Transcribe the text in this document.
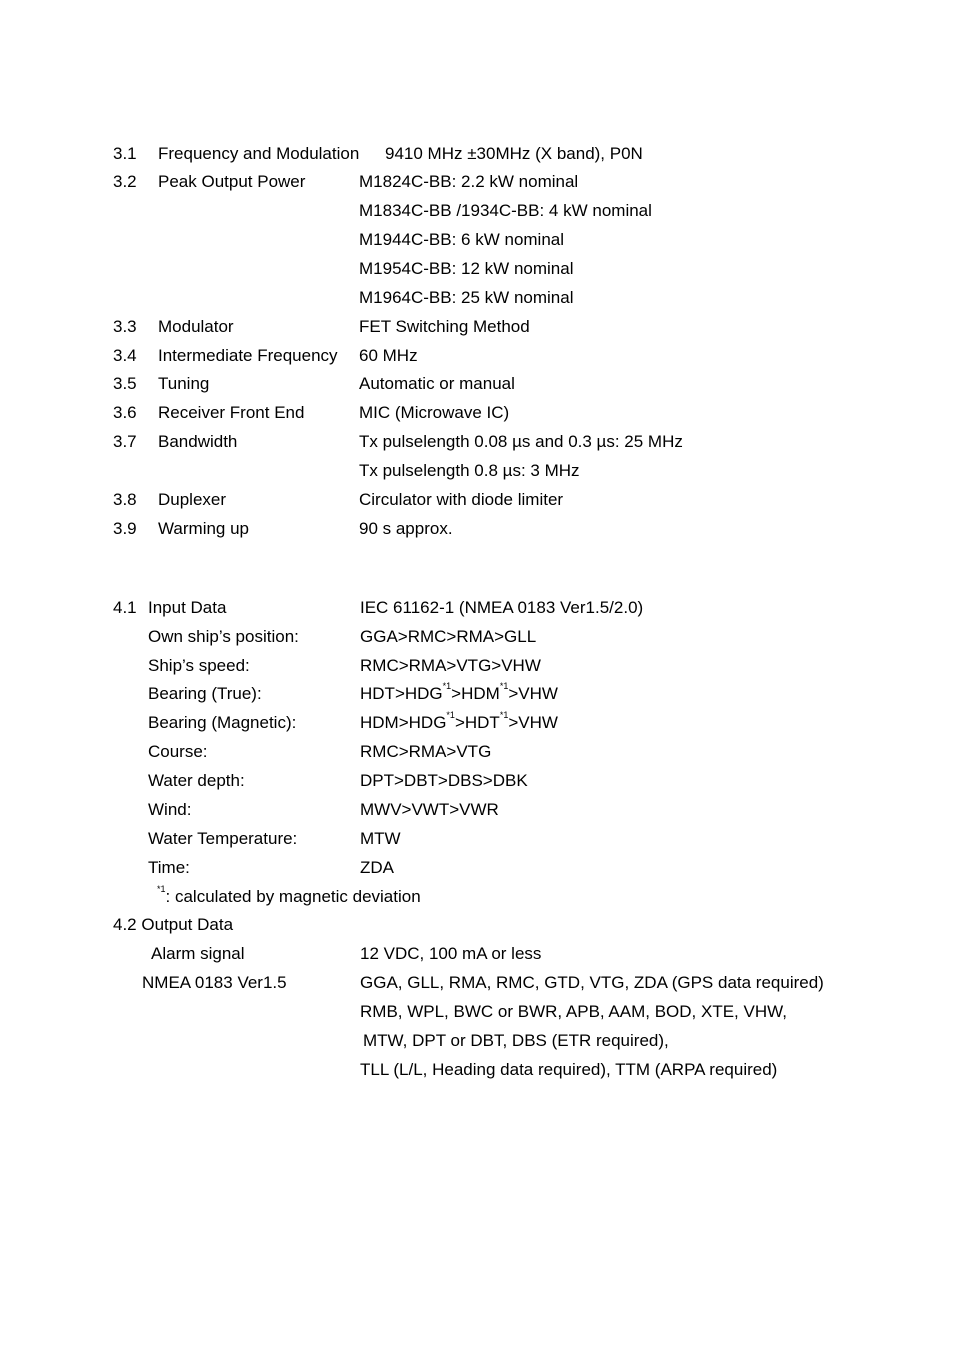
3.1 Frequency and Modulation 9410 MHz ±30MHz (X band), P0N
3.2 Peak Output Power	M1824C-BB: 2.2 kW nominal
M1834C-BB /1934C-BB: 4 kW nominal
M1944C-BB: 6 kW nominal
M1954C-BB: 12 kW nominal
M1964C-BB: 25 kW nominal
3.3 Modulator	FET Switching Method
3.4 Intermediate Frequency 60 MHz
3.5 Tuning	Automatic or manual
3.6 Receiver Front End	MIC (Microwave IC)
3.7 Bandwidth	Tx pulselength 0.08 µs and 0.3 µs: 25 MHz
Tx pulselength 0.8 µs: 3 MHz
3.8 Duplexer	Circulator with diode limiter
3.9 Warming up	90 s approx.
4.1 Input Data	IEC 61162-1 (NMEA 0183 Ver1.5/2.0)
Own ship’s position:	GGA>RMC>RMA>GLL
Ship’s speed:	RMC>RMA>VTG>VHW
Bearing (True):	$HDT>HDG^{*1}>HDM^{*1}>VHW$
Bearing (Magnetic):	$HDM>HDG^{*1}>HDT^{*1}>VHW$
Course:	RMC>RMA>VTG
Water depth:	DPT>DBT>DBS>DBK
Wind:	MWV>VWT>VWR
Water Temperature:	MTW
Time:	ZDA
$^{*1}$: calculated by magnetic deviation
4.2 Output Data
Alarm signal	12 VDC, 100 mA or less
NMEA 0183 Ver1.5	GGA, GLL, RMA, RMC, GTD, VTG, ZDA (GPS data required)
RMB, WPL, BWC or BWR, APB, AAM, BOD, XTE, VHW,
MTW, DPT or DBT, DBS (ETR required),
TLL (L/L, Heading data required), TTM (ARPA required)
